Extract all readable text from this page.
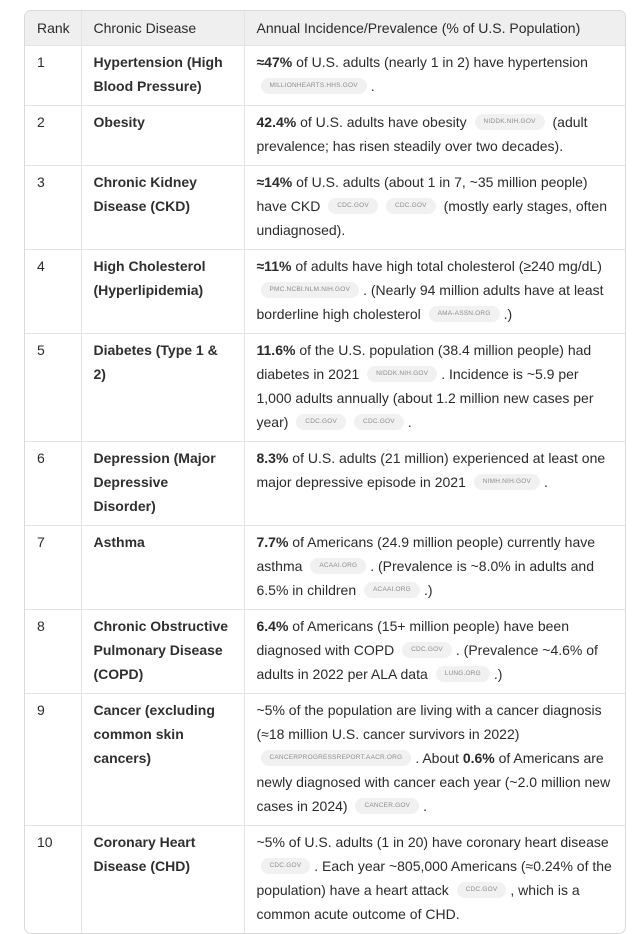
Rank	Chronic Disease	Annual Incidence/Prevalence (% of U.S. Population)
1	Hypertension (High Blood Pressure)	≈47% of U.S. adults (nearly 1 in 2) have hypertension MILLIONHEARTS.HHS.GOV .
2	Obesity	42.4% of U.S. adults have obesity NIDDK.NIH.GOV (adult prevalence; has risen steadily over two decades).
3	Chronic Kidney Disease (CKD)	≈14% of U.S. adults (about 1 in 7, ~35 million people) have CKD CDC.GOV CDC.GOV (mostly early stages, often undiagnosed).
4	High Cholesterol (Hyperlipidemia)	≈11% of adults have high total cholesterol (≥240 mg/dL) PMC.NCBI.NLM.NIH.GOV . (Nearly 94 million adults have at least borderline high cholesterol AMA-ASSN.ORG .)
5	Diabetes (Type 1 & 2)	11.6% of the U.S. population (38.4 million people) had diabetes in 2021 NIDDK.NIH.GOV . Incidence is ~5.9 per 1,000 adults annually (about 1.2 million new cases per year) CDC.GOV CDC.GOV .
6	Depression (Major Depressive Disorder)	8.3% of U.S. adults (21 million) experienced at least one major depressive episode in 2021 NIMH.NIH.GOV .
7	Asthma	7.7% of Americans (24.9 million people) currently have asthma ACAAI.ORG . (Prevalence is ~8.0% in adults and 6.5% in children ACAAI.ORG .)
8	Chronic Obstructive Pulmonary Disease (COPD)	6.4% of Americans (15+ million people) have been diagnosed with COPD CDC.GOV . (Prevalence ~4.6% of adults in 2022 per ALA data LUNG.ORG .)
9	Cancer (excluding common skin cancers)	~5% of the population are living with a cancer diagnosis (≈18 million U.S. cancer survivors in 2022) CANCERPROGRESSREPORT.AACR.ORG . About 0.6% of Americans are newly diagnosed with cancer each year (~2.0 million new cases in 2024) CANCER.GOV .
10	Coronary Heart Disease (CHD)	~5% of U.S. adults (1 in 20) have coronary heart disease CDC.GOV . Each year ~805,000 Americans (≈0.24% of the population) have a heart attack CDC.GOV , which is a common acute outcome of CHD.
